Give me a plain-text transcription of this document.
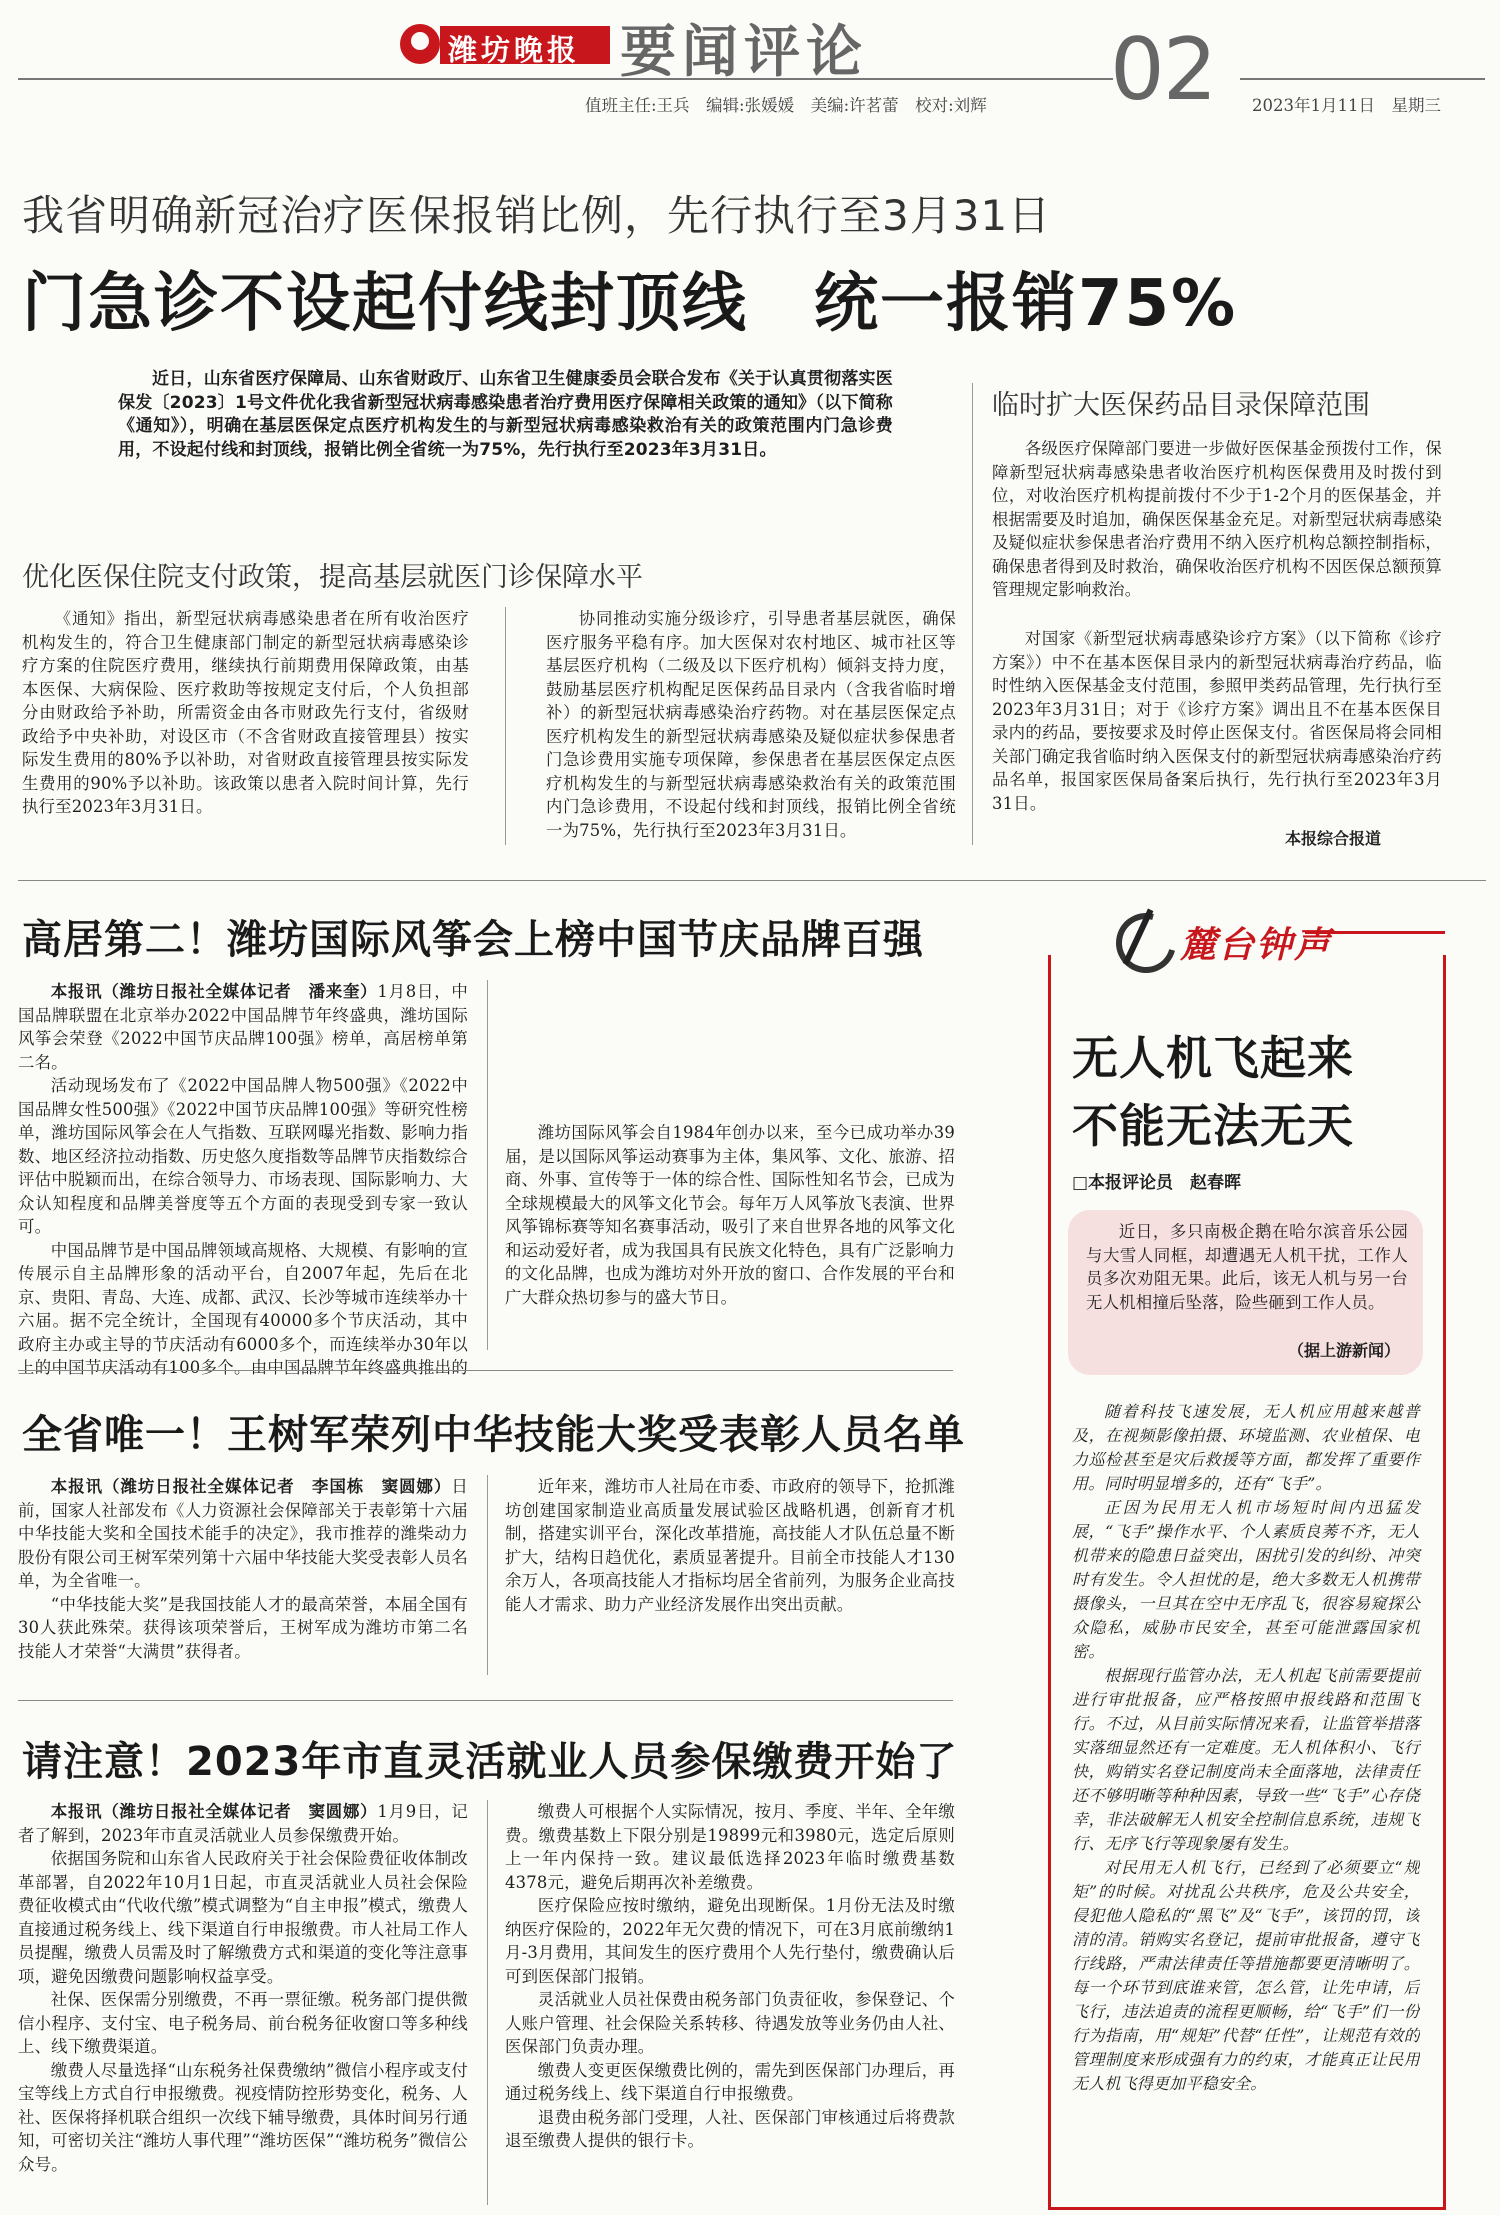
潍坊晚报 要闻评论	02
值班主任:王兵　编辑:张媛媛　美编:许茗蕾　校对:刘辉	2023年1月11日　星期三
我省明确新冠治疗医保报销比例，先行执行至3月31日
门急诊不设起付线封顶线　统一报销75%

近日，山东省医疗保障局、山东省财政厅、山东省卫生健康委员会联合发布《关于认真贯彻落实医保发〔2023〕1号文件优化我省新型冠状病毒感染患者治疗费用医疗保障相关政策的通知》（以下简称《通知》），明确在基层医保定点医疗机构发生的与新型冠状病毒感染救治有关的政策范围内门急诊费用，不设起付线和封顶线，报销比例全省统一为75%，先行执行至2023年3月31日。

优化医保住院支付政策，提高基层就医门诊保障水平
临时扩大医保药品目录保障范围

《通知》指出，新型冠状病毒感染患者在所有收治医疗机构发生的，符合卫生健康部门制定的新型冠状病毒感染诊疗方案的住院医疗费用，继续执行前期费用保障政策，由基本医保、大病保险、医疗救助等按规定支付后，个人负担部分由财政给予补助，所需资金由各市财政先行支付，省级财政给予中央补助，对设区市（不含省财政直接管理县）按实际发生费用的80%予以补助，对省财政直接管理县按实际发生费用的90%予以补助。该政策以患者入院时间计算，先行执行至2023年3月31日。

协同推动实施分级诊疗，引导患者基层就医，确保医疗服务平稳有序。加大医保对农村地区、城市社区等基层医疗机构（二级及以下医疗机构）倾斜支持力度，鼓励基层医疗机构配足医保药品目录内（含我省临时增补）的新型冠状病毒感染治疗药物。对在基层医保定点医疗机构发生的新型冠状病毒感染及疑似症状参保患者门急诊费用实施专项保障，参保患者在基层医保定点医疗机构发生的与新型冠状病毒感染救治有关的政策范围内门急诊费用，不设起付线和封顶线，报销比例全省统一为75%，先行执行至2023年3月31日。

各级医疗保障部门要进一步做好医保基金预拨付工作，保障新型冠状病毒感染患者收治医疗机构医保费用及时拨付到位，对收治医疗机构提前拨付不少于1-2个月的医保基金，并根据需要及时追加，确保医保基金充足。对新型冠状病毒感染及疑似症状参保患者治疗费用不纳入医疗机构总额控制指标，确保患者得到及时救治，确保收治医疗机构不因医保总额预算管理规定影响救治。

对国家《新型冠状病毒感染诊疗方案》（以下简称《诊疗方案》）中不在基本医保目录内的新型冠状病毒治疗药品，临时性纳入医保基金支付范围，参照甲类药品管理，先行执行至2023年3月31日；对于《诊疗方案》调出且不在基本医保目录内的药品，要按要求及时停止医保支付。省医保局将会同相关部门确定我省临时纳入医保支付的新型冠状病毒感染治疗药品名单，报国家医保局备案后执行，先行执行至2023年3月31日。

本报综合报道
高居第二！潍坊国际风筝会上榜中国节庆品牌百强

本报讯（潍坊日报社全媒体记者　潘来奎）1月8日，中国品牌联盟在北京举办2022中国品牌节年终盛典，潍坊国际风筝会荣登《2022中国节庆品牌100强》榜单，高居榜单第二名。

活动现场发布了《2022中国品牌人物500强》《2022中国品牌女性500强》《2022中国节庆品牌100强》等研究性榜单，潍坊国际风筝会在人气指数、互联网曝光指数、影响力指数、地区经济拉动指数、历史悠久度指数等品牌节庆指数综合评估中脱颖而出，在综合领导力、市场表现、国际影响力、大众认知程度和品牌美誉度等五个方面的表现受到专家一致认可。

中国品牌节是中国品牌领域高规格、大规模、有影响的宣传展示自主品牌形象的活动平台，自2007年起，先后在北京、贵阳、青岛、大连、成都、武汉、长沙等城市连续举办十六届。据不完全统计，全国现有40000多个节庆活动，其中政府主办或主导的节庆活动有6000多个，而连续举办30年以上的中国节庆活动有100多个。由中国品牌节年终盛典推出的

潍坊国际风筝会自1984年创办以来，至今已成功举办39届，是以国际风筝运动赛事为主体，集风筝、文化、旅游、招商、外事、宣传等于一体的综合性、国际性知名节会，已成为全球规模最大的风筝文化节会。每年万人风筝放飞表演、世界风筝锦标赛等知名赛事活动，吸引了来自世界各地的风筝文化和运动爱好者，成为我国具有民族文化特色，具有广泛影响力的文化品牌，也成为潍坊对外开放的窗口、合作发展的平台和广大群众热切参与的盛大节日。

全省唯一！王树军荣列中华技能大奖受表彰人员名单

本报讯（潍坊日报社全媒体记者　李国栋　窦圆娜）日前，国家人社部发布《人力资源社会保障部关于表彰第十六届中华技能大奖和全国技术能手的决定》，我市推荐的潍柴动力股份有限公司王树军荣列第十六届中华技能大奖受表彰人员名单，为全省唯一。

“中华技能大奖”是我国技能人才的最高荣誉，本届全国有30人获此殊荣。获得该项荣誉后，王树军成为潍坊市第二名技能人才荣誉“大满贯”获得者。

近年来，潍坊市人社局在市委、市政府的领导下，抢抓潍坊创建国家制造业高质量发展试验区战略机遇，创新育才机制，搭建实训平台，深化改革措施，高技能人才队伍总量不断扩大，结构日趋优化，素质显著提升。目前全市技能人才130余万人，各项高技能人才指标均居全省前列，为服务企业高技能人才需求、助力产业经济发展作出突出贡献。

请注意！2023年市直灵活就业人员参保缴费开始了

本报讯（潍坊日报社全媒体记者　窦圆娜）1月9日，记者了解到，2023年市直灵活就业人员参保缴费开始。

依据国务院和山东省人民政府关于社会保险费征收体制改革部署，自2022年10月1日起，市直灵活就业人员社会保险费征收模式由“代收代缴”模式调整为“自主申报”模式，缴费人直接通过税务线上、线下渠道自行申报缴费。市人社局工作人员提醒，缴费人员需及时了解缴费方式和渠道的变化等注意事项，避免因缴费问题影响权益享受。

社保、医保需分别缴费，不再一票征缴。税务部门提供微信小程序、支付宝、电子税务局、前台税务征收窗口等多种线上、线下缴费渠道。

缴费人尽量选择“山东税务社保费缴纳”微信小程序或支付宝等线上方式自行申报缴费。视疫情防控形势变化，税务、人社、医保将择机联合组织一次线下辅导缴费，具体时间另行通知，可密切关注“潍坊人事代理”“潍坊医保”“潍坊税务”微信公众号。

缴费人可根据个人实际情况，按月、季度、半年、全年缴费。缴费基数上下限分别是19899元和3980元，选定后原则上一年内保持一致。建议最低选择2023年临时缴费基数4378元，避免后期再次补差缴费。

医疗保险应按时缴纳，避免出现断保。1月份无法及时缴纳医疗保险的，2022年无欠费的情况下，可在3月底前缴纳1月-3月费用，其间发生的医疗费用个人先行垫付，缴费确认后可到医保部门报销。

灵活就业人员社保费由税务部门负责征收，参保登记、个人账户管理、社会保险关系转移、待遇发放等业务仍由人社、医保部门负责办理。

缴费人变更医保缴费比例的，需先到医保部门办理后，再通过税务线上、线下渠道自行申报缴费。

退费由税务部门受理，人社、医保部门审核通过后将费款退至缴费人提供的银行卡。

麓台钟声
无人机飞起来
不能无法无天
□本报评论员　赵春晖

近日，多只南极企鹅在哈尔滨音乐公园与大雪人同框，却遭遇无人机干扰，工作人员多次劝阻无果。此后，该无人机与另一台无人机相撞后坠落，险些砸到工作人员。

（据上游新闻）

随着科技飞速发展，无人机应用越来越普及，在视频影像拍摄、环境监测、农业植保、电力巡检甚至是灾后救援等方面，都发挥了重要作用。同时明显增多的，还有“飞手”。

正因为民用无人机市场短时间内迅猛发展，“飞手”操作水平、个人素质良莠不齐，无人机带来的隐患日益突出，困扰引发的纠纷、冲突时有发生。令人担忧的是，绝大多数无人机携带摄像头，一旦其在空中无序乱飞，很容易窥探公众隐私，威胁市民安全，甚至可能泄露国家机密。

根据现行监管办法，无人机起飞前需要提前进行审批报备，应严格按照申报线路和范围飞行。不过，从目前实际情况来看，让监管举措落实落细显然还有一定难度。无人机体积小、飞行快，购销实名登记制度尚未全面落地，法律责任还不够明晰等种种因素，导致一些“飞手”心存侥幸，非法破解无人机安全控制信息系统，违规飞行、无序飞行等现象屡有发生。

对民用无人机飞行，已经到了必须要立“规矩”的时候。对扰乱公共秩序，危及公共安全，侵犯他人隐私的“黑飞”及“飞手”，该罚的罚，该清的清。销购实名登记，提前审批报备，遵守飞行线路，严肃法律责任等措施都要更清晰明了。每一个环节到底谁来管，怎么管，让先申请，后飞行，违法追责的流程更顺畅，给“飞手”们一份行为指南，用“规矩”代替“任性”，让规范有效的管理制度来形成强有力的约束，才能真正让民用无人机飞得更加平稳安全。
